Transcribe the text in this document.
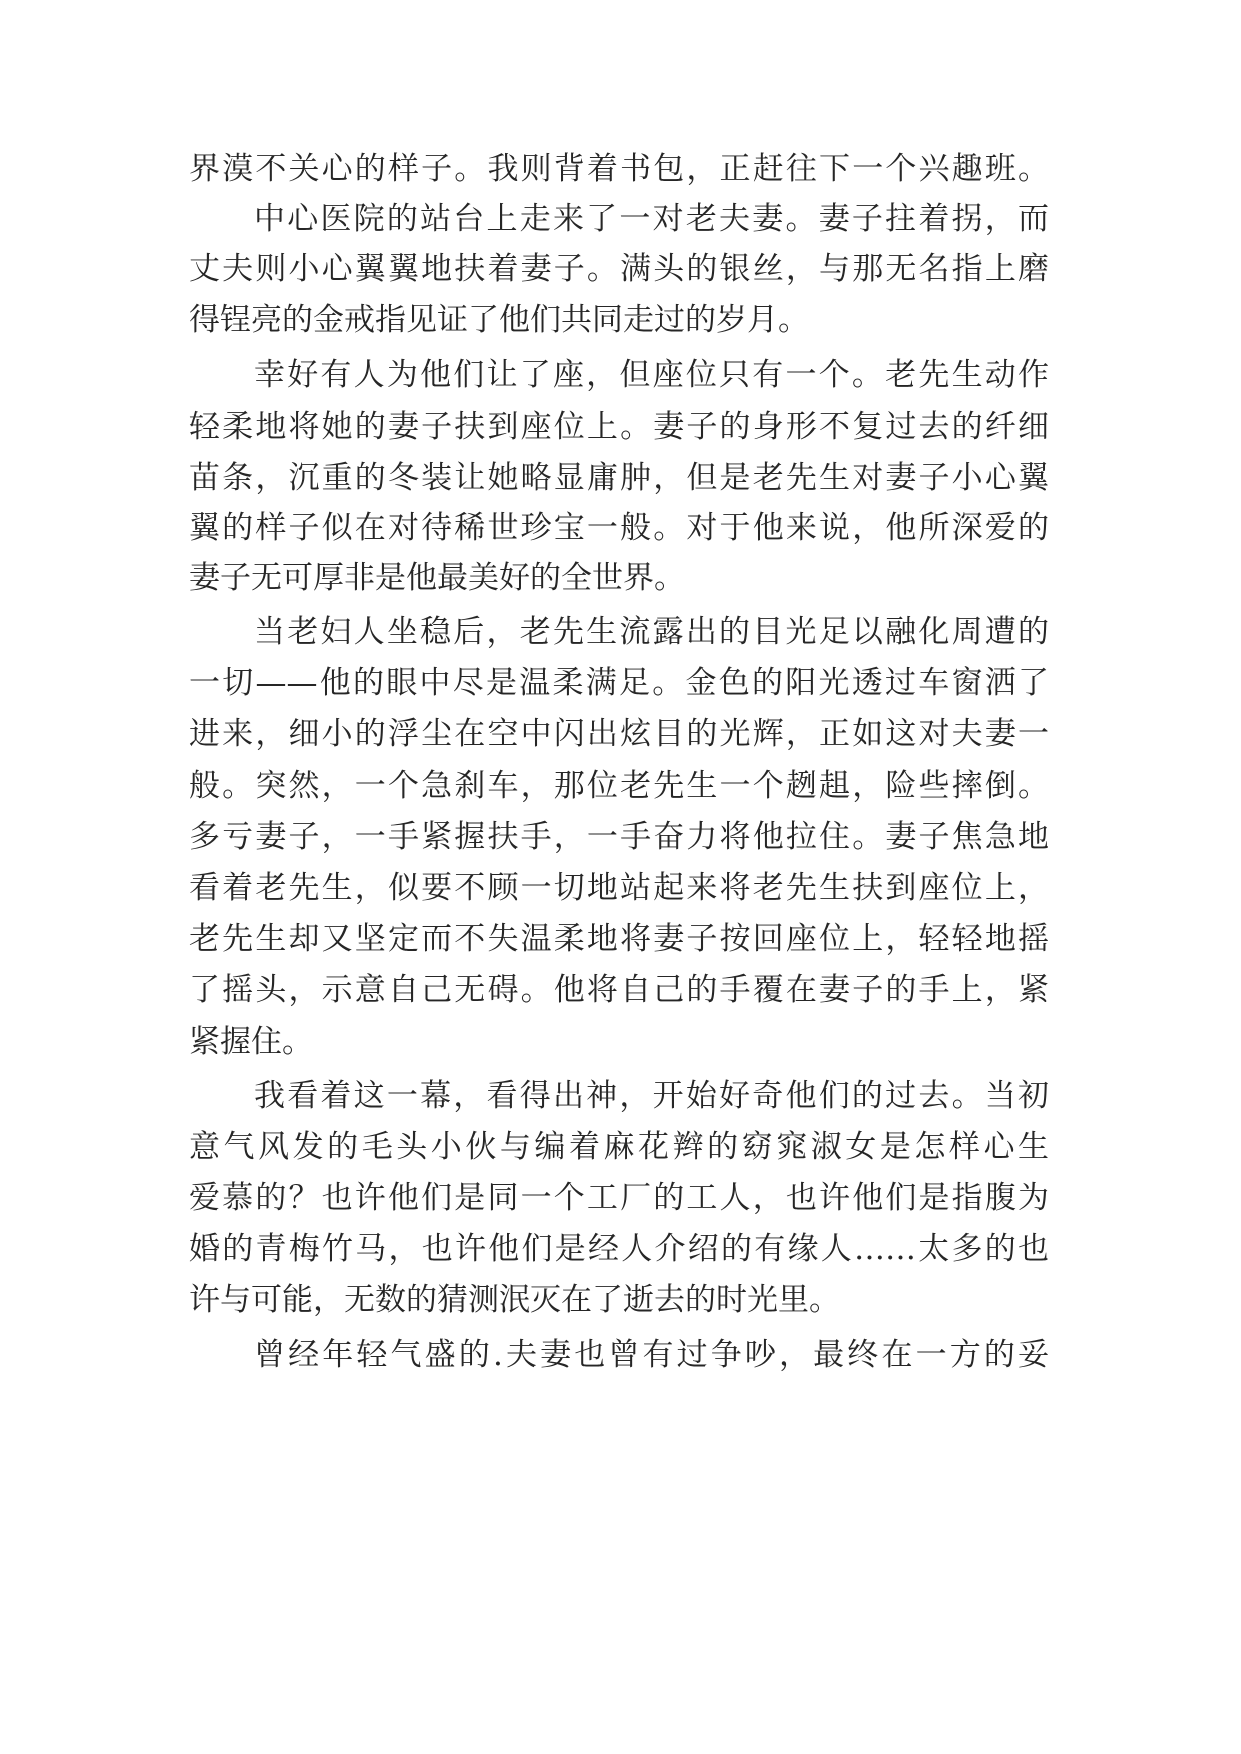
界漠不关心的样子。我则背着书包，正赶往下一个兴趣班。
中心医院的站台上走来了一对老夫妻。妻子拄着拐，而
丈夫则小心翼翼地扶着妻子。满头的银丝，与那无名指上磨
得锃亮的金戒指见证了他们共同走过的岁月。
幸好有人为他们让了座，但座位只有一个。老先生动作
轻柔地将她的妻子扶到座位上。妻子的身形不复过去的纤细
苗条，沉重的冬装让她略显庸肿，但是老先生对妻子小心翼
翼的样子似在对待稀世珍宝一般。对于他来说，他所深爱的
妻子无可厚非是他最美好的全世界。
当老妇人坐稳后，老先生流露出的目光足以融化周遭的
一切——他的眼中尽是温柔满足。金色的阳光透过车窗洒了
进来，细小的浮尘在空中闪出炫目的光辉，正如这对夫妻一
般。突然，一个急刹车，那位老先生一个趔趄，险些摔倒。
多亏妻子，一手紧握扶手，一手奋力将他拉住。妻子焦急地
看着老先生，似要不顾一切地站起来将老先生扶到座位上，
老先生却又坚定而不失温柔地将妻子按回座位上，轻轻地摇
了摇头，示意自己无碍。他将自己的手覆在妻子的手上，紧
紧握住。
我看着这一幕，看得出神，开始好奇他们的过去。当初
意气风发的毛头小伙与编着麻花辫的窈窕淑女是怎样心生
爱慕的？也许他们是同一个工厂的工人，也许他们是指腹为
婚的青梅竹马，也许他们是经人介绍的有缘人……太多的也
许与可能，无数的猜测泯灭在了逝去的时光里。
曾经年轻气盛的.夫妻也曾有过争吵，最终在一方的妥
